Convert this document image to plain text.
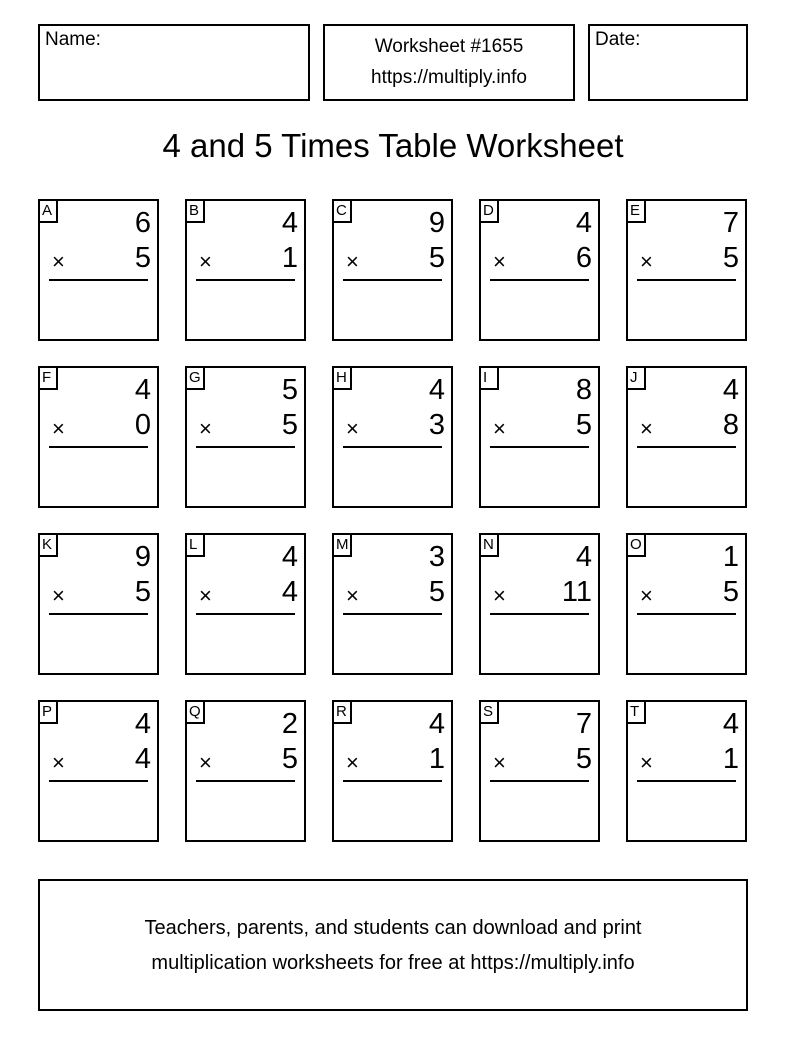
Name:	Worksheet #1655
https://multiply.info
Date:
4 and 5 Times Table Worksheet
A	6
× 5
B	4
× 1
C	9
× 5
D	4
× 6
E	7
× 5
F	4
× 0
G	5
× 5
H	4
× 3
I	8
× 5
J	4
× 8
K	9
× 5
L	4
× 4
M	3
× 5
N	4
× 11
O	1
× 5
P	4
× 4
Q	2
× 5
R	4
× 1
S	7
× 5
T	4
× 1
Teachers, parents, and students can download and print
multiplication worksheets for free at https://multiply.info
